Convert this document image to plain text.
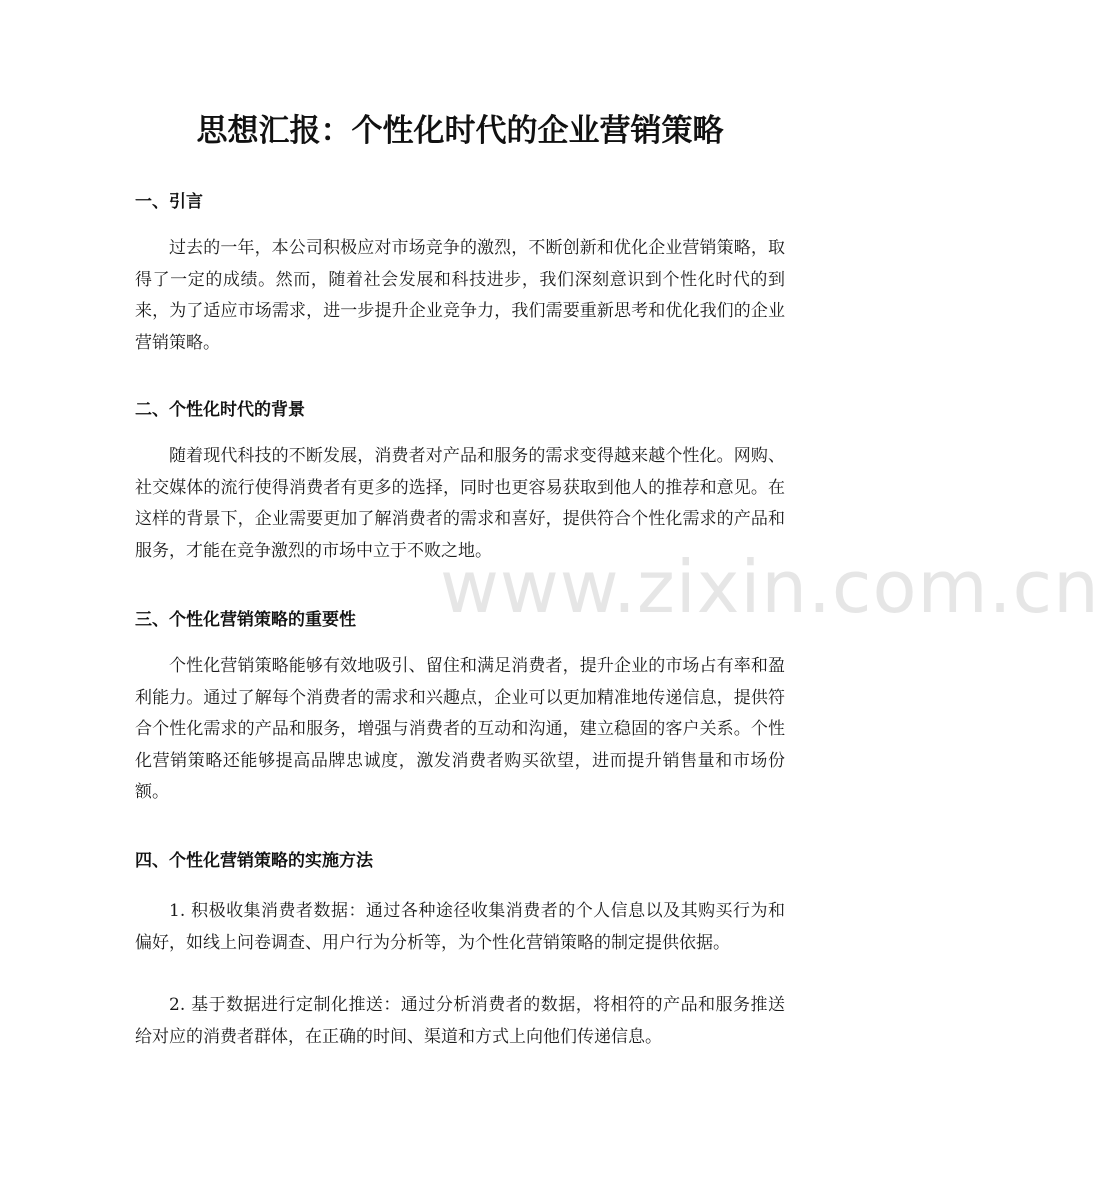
www.zixin.com.cn
思想汇报：个性化时代的企业营销策略
一、引言
过去的一年，本公司积极应对市场竞争的激烈，不断创新和优化企业营销策略，取得了一定的成绩。然而，随着社会发展和科技进步，我们深刻意识到个性化时代的到来，为了适应市场需求，进一步提升企业竞争力，我们需要重新思考和优化我们的企业营销策略。
二、个性化时代的背景
随着现代科技的不断发展，消费者对产品和服务的需求变得越来越个性化。网购、社交媒体的流行使得消费者有更多的选择，同时也更容易获取到他人的推荐和意见。在这样的背景下，企业需要更加了解消费者的需求和喜好，提供符合个性化需求的产品和服务，才能在竞争激烈的市场中立于不败之地。
三、个性化营销策略的重要性
个性化营销策略能够有效地吸引、留住和满足消费者，提升企业的市场占有率和盈利能力。通过了解每个消费者的需求和兴趣点，企业可以更加精准地传递信息，提供符合个性化需求的产品和服务，增强与消费者的互动和沟通，建立稳固的客户关系。个性化营销策略还能够提高品牌忠诚度，激发消费者购买欲望，进而提升销售量和市场份额。
四、个性化营销策略的实施方法
1. 积极收集消费者数据：通过各种途径收集消费者的个人信息以及其购买行为和偏好，如线上问卷调查、用户行为分析等，为个性化营销策略的制定提供依据。
2. 基于数据进行定制化推送：通过分析消费者的数据，将相符的产品和服务推送给对应的消费者群体，在正确的时间、渠道和方式上向他们传递信息。
